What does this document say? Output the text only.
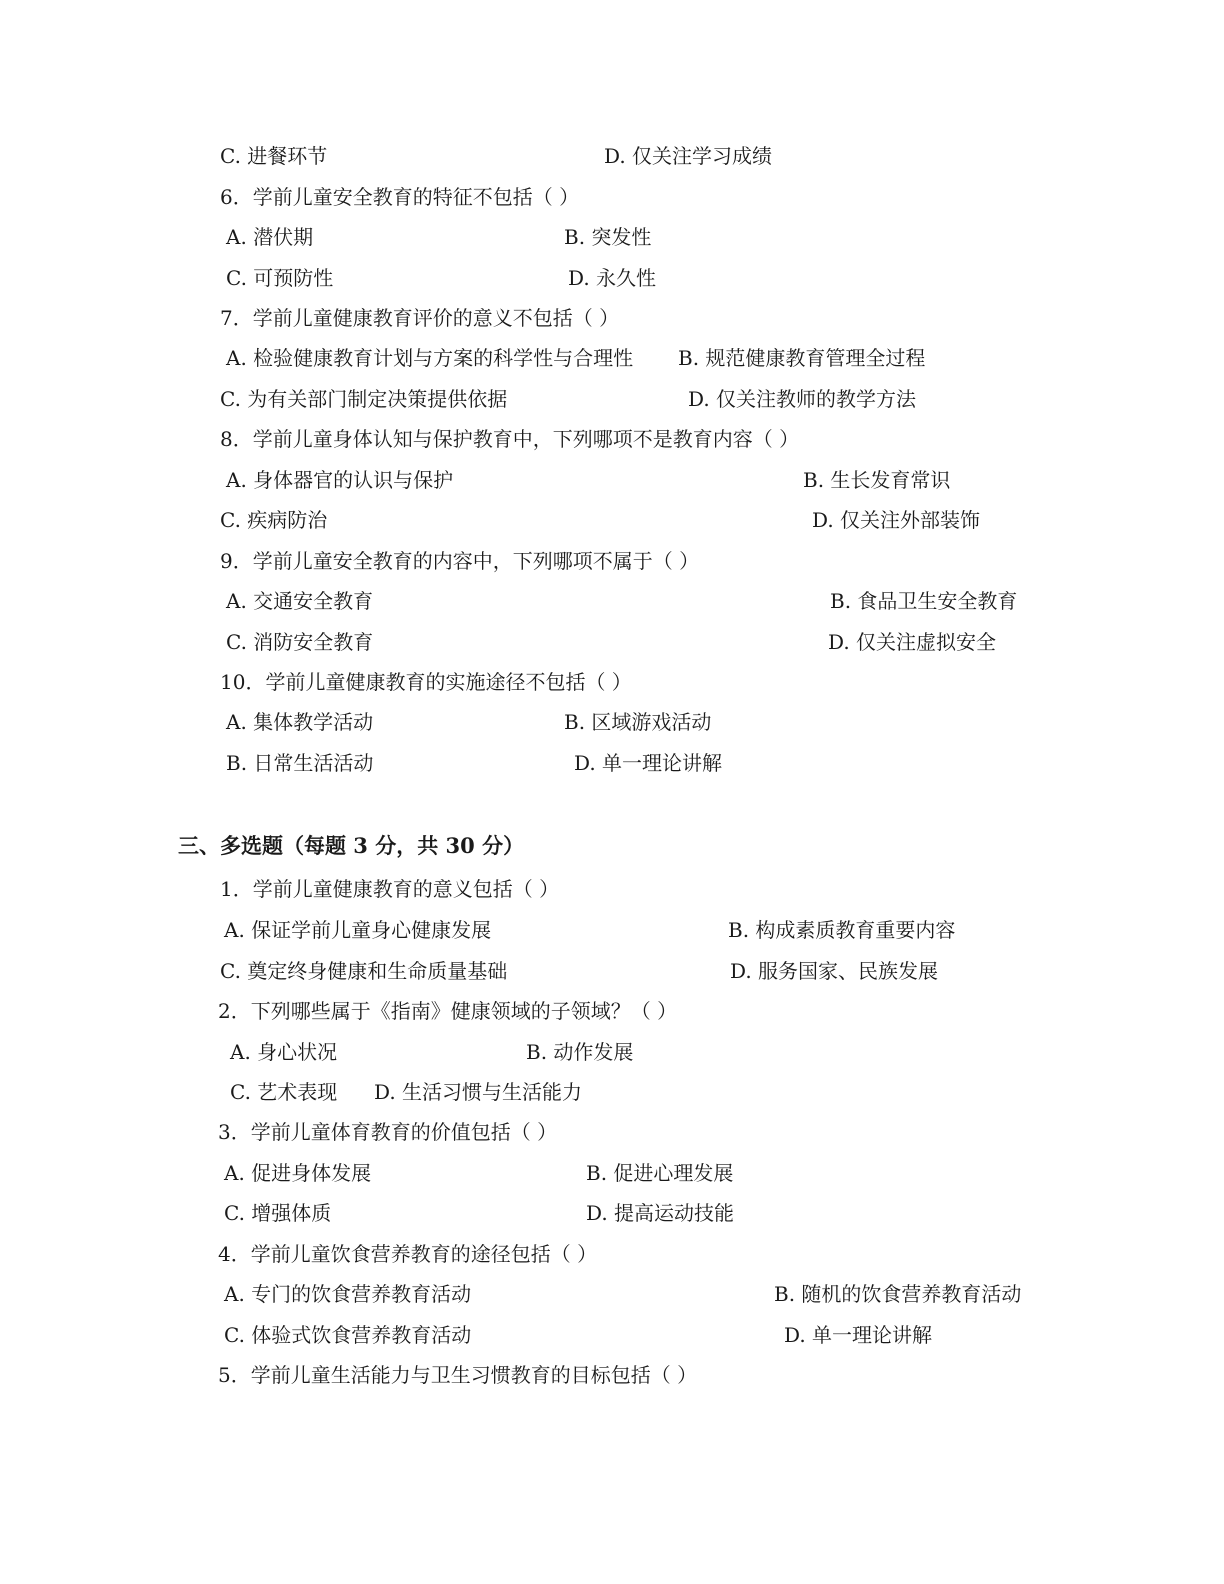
C. 进餐环节	D. 仅关注学习成绩
6．学前儿童安全教育的特征不包括（ ）
A. 潜伏期	B. 突发性
C. 可预防性	D. 永久性
7．学前儿童健康教育评价的意义不包括（ ）
A. 检验健康教育计划与方案的科学性与合理性 B. 规范健康教育管理全过程
C. 为有关部门制定决策提供依据	D. 仅关注教师的教学方法
8．学前儿童身体认知与保护教育中，下列哪项不是教育内容（ ）
A. 身体器官的认识与保护	B. 生长发育常识
C. 疾病防治	D. 仅关注外部装饰
9．学前儿童安全教育的内容中，下列哪项不属于（ ）
A. 交通安全教育	B. 食品卫生安全教育
C. 消防安全教育	D. 仅关注虚拟安全
10．学前儿童健康教育的实施途径不包括（ ）
A. 集体教学活动	B. 区域游戏活动
B. 日常生活活动	D. 单一理论讲解
三、多选题（每题 3 分，共 30 分）
1．学前儿童健康教育的意义包括（ ）
A. 保证学前儿童身心健康发展	B. 构成素质教育重要内容
C. 奠定终身健康和生命质量基础	D. 服务国家、民族发展
2．下列哪些属于《指南》健康领域的子领域？（ ）
A. 身心状况	B. 动作发展
C. 艺术表现 D. 生活习惯与生活能力
3．学前儿童体育教育的价值包括（ ）
A. 促进身体发展	B. 促进心理发展
C. 增强体质	D. 提高运动技能
4．学前儿童饮食营养教育的途径包括（ ）
A. 专门的饮食营养教育活动	B. 随机的饮食营养教育活动
C. 体验式饮食营养教育活动	D. 单一理论讲解
5．学前儿童生活能力与卫生习惯教育的目标包括（ ）
